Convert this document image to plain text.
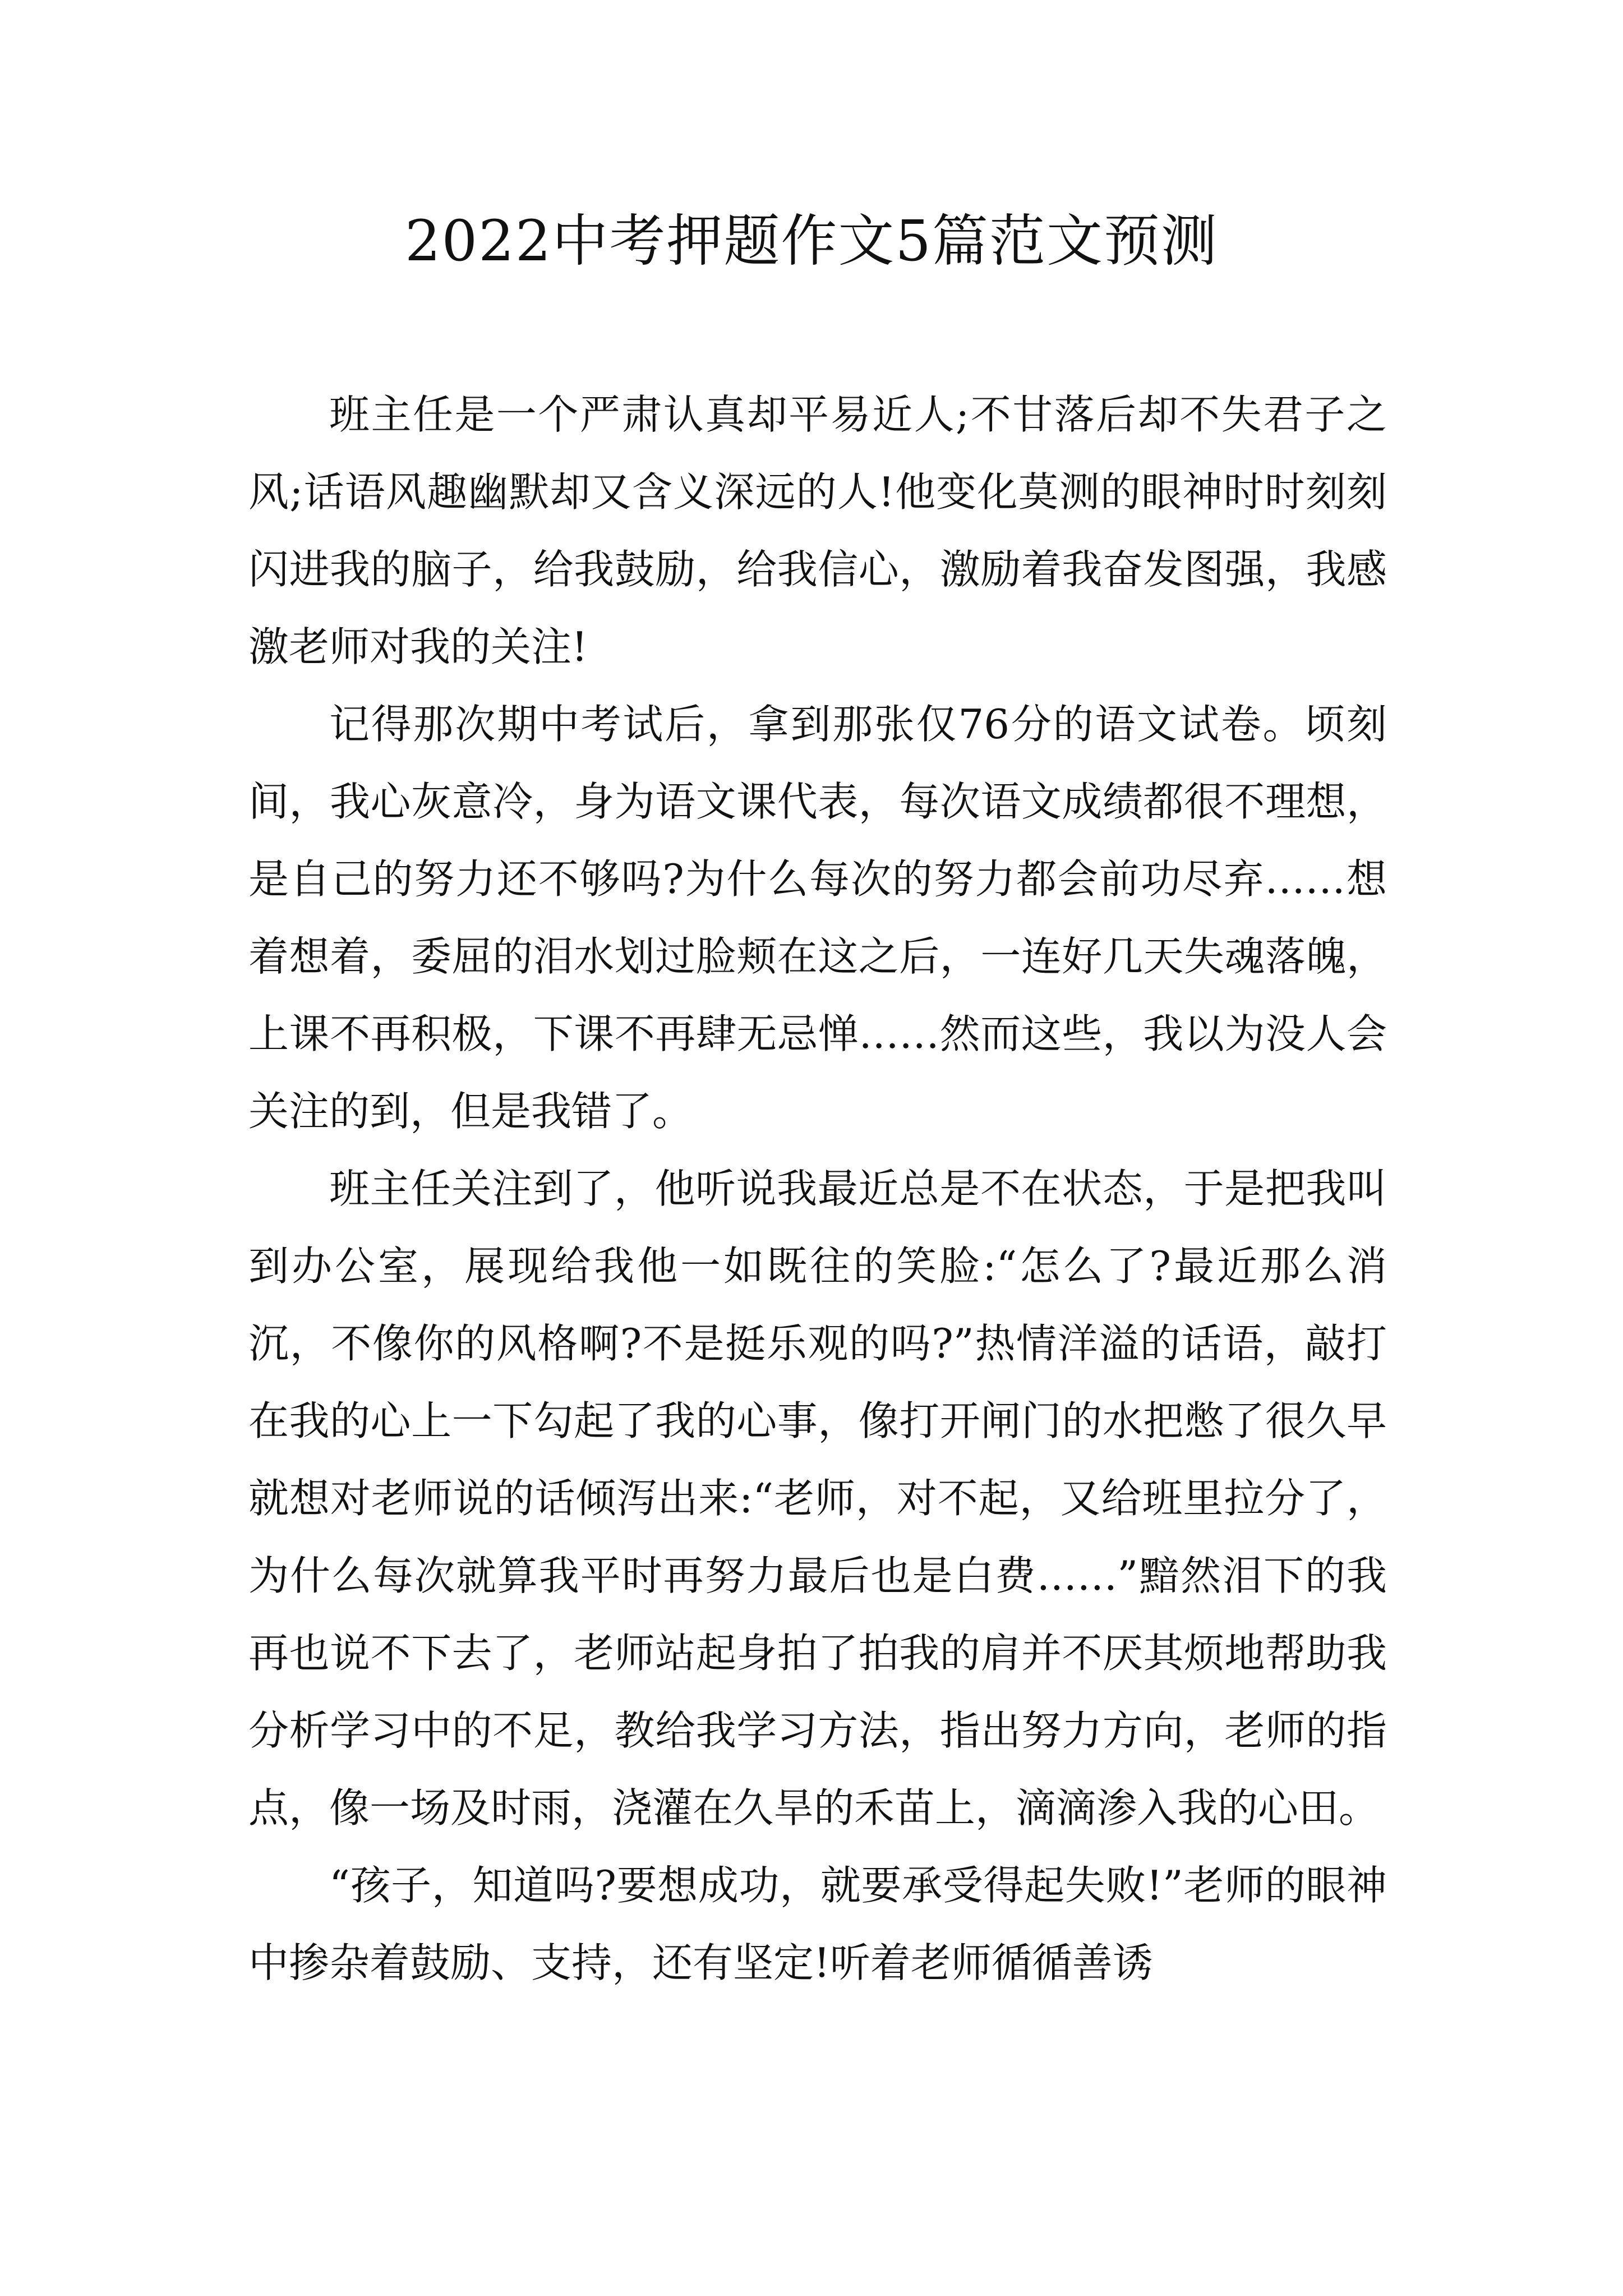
2022中考押题作文5篇范文预测

班主任是一个严肃认真却平易近人;不甘落后却不失君子之风;话语风趣幽默却又含义深远的人!他变化莫测的眼神时时刻刻闪进我的脑子，给我鼓励，给我信心，激励着我奋发图强，我感激老师对我的关注!

记得那次期中考试后，拿到那张仅76分的语文试卷。顷刻间，我心灰意冷，身为语文课代表，每次语文成绩都很不理想，是自己的努力还不够吗?为什么每次的努力都会前功尽弃……想着想着，委屈的泪水划过脸颊在这之后，一连好几天失魂落魄，上课不再积极，下课不再肆无忌惮……然而这些，我以为没人会关注的到，但是我错了。

班主任关注到了，他听说我最近总是不在状态，于是把我叫到办公室，展现给我他一如既往的笑脸:“怎么了?最近那么消沉，不像你的风格啊?不是挺乐观的吗?”热情洋溢的话语，敲打在我的心上一下勾起了我的心事，像打开闸门的水把憋了很久早就想对老师说的话倾泻出来:“老师，对不起，又给班里拉分了，为什么每次就算我平时再努力最后也是白费……”黯然泪下的我再也说不下去了，老师站起身拍了拍我的肩并不厌其烦地帮助我分析学习中的不足，教给我学习方法，指出努力方向，老师的指点，像一场及时雨，浇灌在久旱的禾苗上，滴滴渗入我的心田。

“孩子，知道吗?要想成功，就要承受得起失败!”老师的眼神中掺杂着鼓励、支持，还有坚定!听着老师循循善诱
